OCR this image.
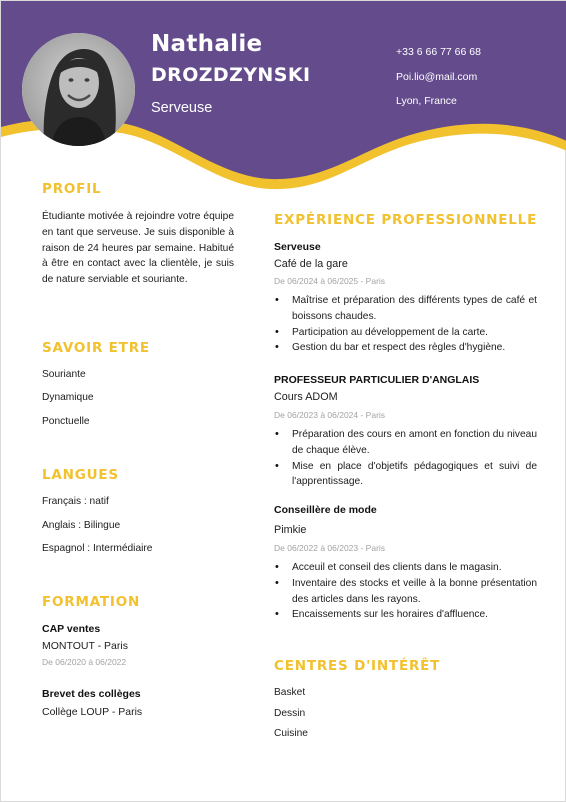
Nathalie
DROZDZYNSKI
Serveuse
+33 6 66 77 66 68
Poi.lio@mail.com
Lyon, France
PROFIL
Étudiante motivée à rejoindre votre équipe en tant que serveuse. Je suis disponible à raison de 24 heures par semaine. Habitué à être en contact avec la clientèle, je suis de nature serviable et souriante.
SAVOIR ETRE
Souriante
Dynamique
Ponctuelle
LANGUES
Français : natif
Anglais : Bilingue
Espagnol : Intermédiaire
FORMATION
CAP ventes
MONTOUT - Paris
De 06/2020 à 06/2022
Brevet des collèges
Collège LOUP - Paris
EXPÉRIENCE PROFESSIONNELLE
Serveuse
Café de la gare
De 06/2024 à 06/2025 - Paris
• Maîtrise et préparation des différents types de café et boissons chaudes.
• Participation au développement de la carte.
• Gestion du bar et respect des règles d'hygiène.
PROFESSEUR PARTICULIER D'ANGLAIS
Cours ADOM
De 06/2023 à 06/2024 - Paris
• Préparation des cours en amont en fonction du niveau de chaque élève.
• Mise en place d'objetifs pédagogiques et suivi de l'apprentissage.
Conseillère de mode
Pimkie
De 06/2022 à 06/2023 - Paris
• Acceuil et conseil des clients dans le magasin.
• Inventaire des stocks et veille à la bonne présentation des articles dans les rayons.
• Encaissements sur les horaires d'affluence.
CENTRES D'INTÉRÊT
Basket
Dessin
Cuisine
